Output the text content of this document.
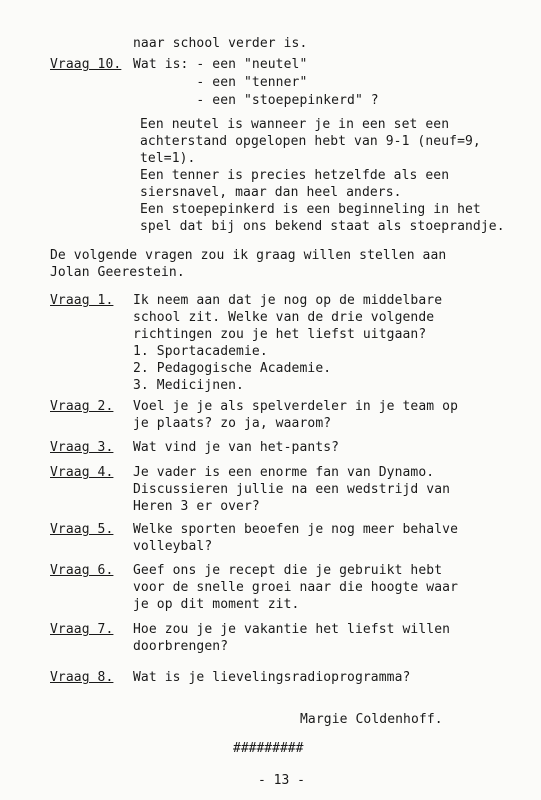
naar school verder is.
Vraag 10. Wat is: - een "neutel"
- een "tenner"
- een "stoepepinkerd" ?
Een neutel is wanneer je in een set een
achterstand opgelopen hebt van 9-1 (neuf=9,
tel=1).
Een tenner is precies hetzelfde als een
siersnavel, maar dan heel anders.
Een stoepepinkerd is een beginneling in het
spel dat bij ons bekend staat als stoeprandje.
De volgende vragen zou ik graag willen stellen aan
Jolan Geerestein.
Vraag 1. Ik neem aan dat je nog op de middelbare
school zit. Welke van de drie volgende
richtingen zou je het liefst uitgaan?
1. Sportacademie.
2. Pedagogische Academie.
3. Medicijnen.
Vraag 2. Voel je je als spelverdeler in je team op
je plaats? zo ja, waarom?
Vraag 3. Wat vind je van het-pants?
Vraag 4. Je vader is een enorme fan van Dynamo.
Discussieren jullie na een wedstrijd van
Heren 3 er over?
Vraag 5. Welke sporten beoefen je nog meer behalve
volleybal?
Vraag 6. Geef ons je recept die je gebruikt hebt
voor de snelle groei naar die hoogte waar
je op dit moment zit.
Vraag 7. Hoe zou je je vakantie het liefst willen
doorbrengen?
Vraag 8. Wat is je lievelingsradioprogramma?
Margie Coldenhoff.
#########
- 13 -
